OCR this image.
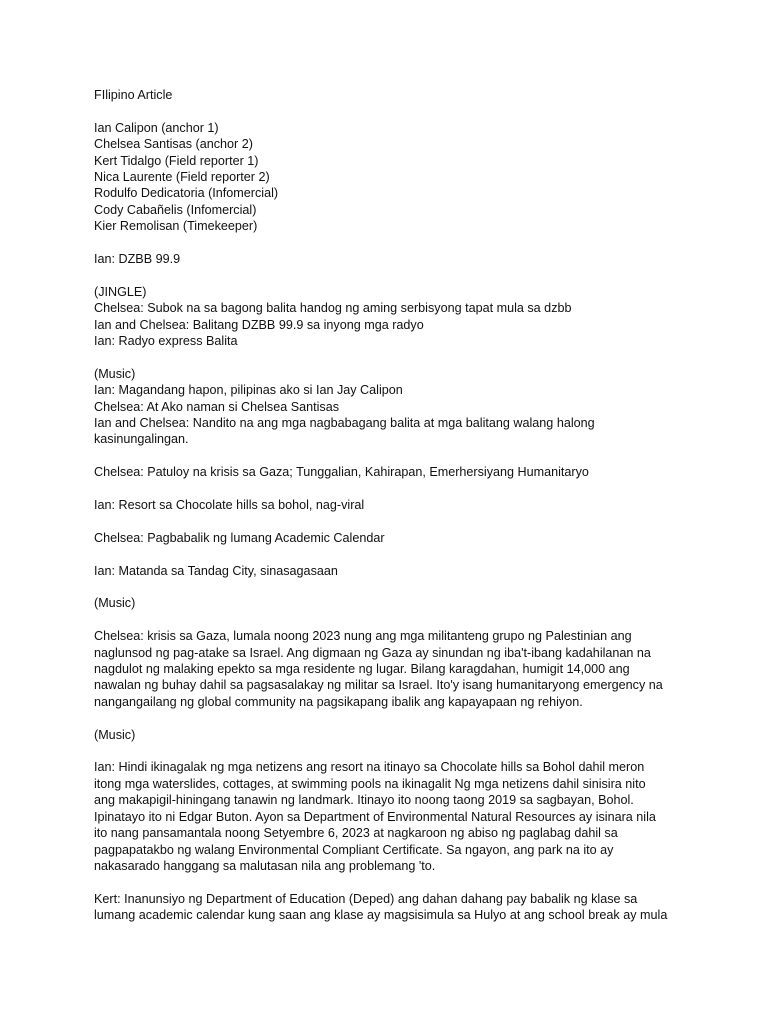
FIlipino Article
Ian Calipon (anchor 1)
Chelsea Santisas (anchor 2)
Kert Tidalgo (Field reporter 1)
Nica Laurente (Field reporter 2)
Rodulfo Dedicatoria (Infomercial)
Cody Cabañelis (Infomercial)
Kier Remolisan (Timekeeper)
Ian: DZBB 99.9
(JINGLE)
Chelsea: Subok na sa bagong balita handog ng aming serbisyong tapat mula sa dzbb
Ian and Chelsea: Balitang DZBB 99.9 sa inyong mga radyo
Ian: Radyo express Balita
(Music)
Ian: Magandang hapon, pilipinas ako si Ian Jay Calipon
Chelsea: At Ako naman si Chelsea Santisas
Ian and Chelsea: Nandito na ang mga nagbabagang balita at mga balitang walang halong
kasinungalingan.
Chelsea: Patuloy na krisis sa Gaza; Tunggalian, Kahirapan, Emerhersiyang Humanitaryo
Ian: Resort sa Chocolate hills sa bohol, nag-viral
Chelsea: Pagbabalik ng lumang Academic Calendar
Ian: Matanda sa Tandag City, sinasagasaan
(Music)
Chelsea: krisis sa Gaza, lumala noong 2023 nung ang mga militanteng grupo ng Palestinian ang
naglunsod ng pag-atake sa Israel. Ang digmaan ng Gaza ay sinundan ng iba't-ibang kadahilanan na
nagdulot ng malaking epekto sa mga residente ng lugar. Bilang karagdahan, humigit 14,000 ang
nawalan ng buhay dahil sa pagsasalakay ng militar sa Israel. Ito'y isang humanitaryong emergency na
nangangailang ng global community na pagsikapang ibalik ang kapayapaan ng rehiyon.
(Music)
Ian: Hindi ikinagalak ng mga netizens ang resort na itinayo sa Chocolate hills sa Bohol dahil meron
itong mga waterslides, cottages, at swimming pools na ikinagalit Ng mga netizens dahil sinisira nito
ang makapigil-hiningang tanawin ng landmark. Itinayo ito noong taong 2019 sa sagbayan, Bohol.
Ipinatayo ito ni Edgar Buton. Ayon sa Department of Environmental Natural Resources ay isinara nila
ito nang pansamantala noong Setyembre 6, 2023 at nagkaroon ng abiso ng paglabag dahil sa
pagpapatakbo ng walang Environmental Compliant Certificate. Sa ngayon, ang park na ito ay
nakasarado hanggang sa malutasan nila ang problemang 'to.
Kert: Inanunsiyo ng Department of Education (Deped) ang dahan dahang pay babalik ng klase sa
lumang academic calendar kung saan ang klase ay magsisimula sa Hulyo at ang school break ay mula
